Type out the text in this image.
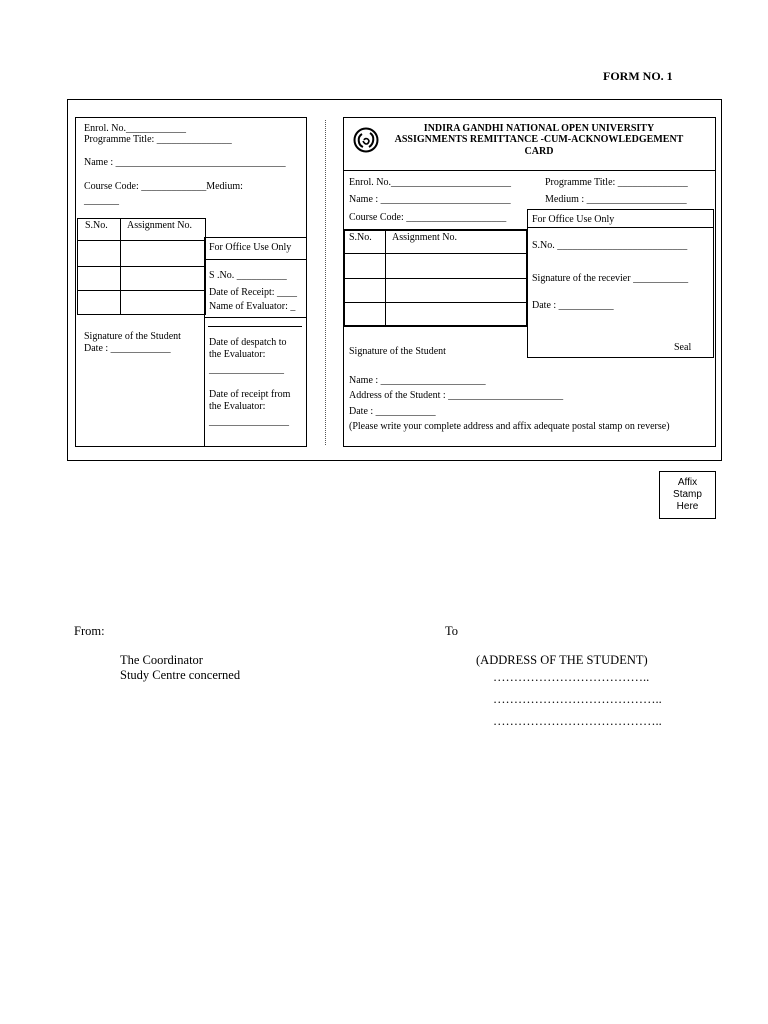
FORM NO. 1
Enrol. No.____________
Programme Title: _______________
Name : __________________________________
Course Code: _____________Medium:
_______
S.No. Assignment No.
Signature of the Student
Date : ____________
For Office Use Only
S .No. __________
Date of Receipt: ____
Name of Evaluator: _
Date of despatch to
the Evaluator:
_______________
Date of receipt from
the Evaluator:
________________
INDIRA GANDHI NATIONAL OPEN UNIVERSITY
ASSIGNMENTS REMITTANCE -CUM-ACKNOWLEDGEMENT
CARD
Enrol. No.________________________
Name : __________________________
Course Code: ____________________
Programme Title: ______________
Medium : ____________________
S.No. Assignment No.
For Office Use Only
S.No. __________________________
Signature of the recevier ___________
Date : ___________
Seal
Signature of the Student
Name : _____________________
Address of the Student : _______________________
Date : ____________
(Please write your complete address and affix adequate postal stamp on reverse)
Affix
Stamp
Here
From:	To
The Coordinator
Study Centre concerned
(ADDRESS OF THE STUDENT)
………………………………..
…………………………………..
…………………………………..
